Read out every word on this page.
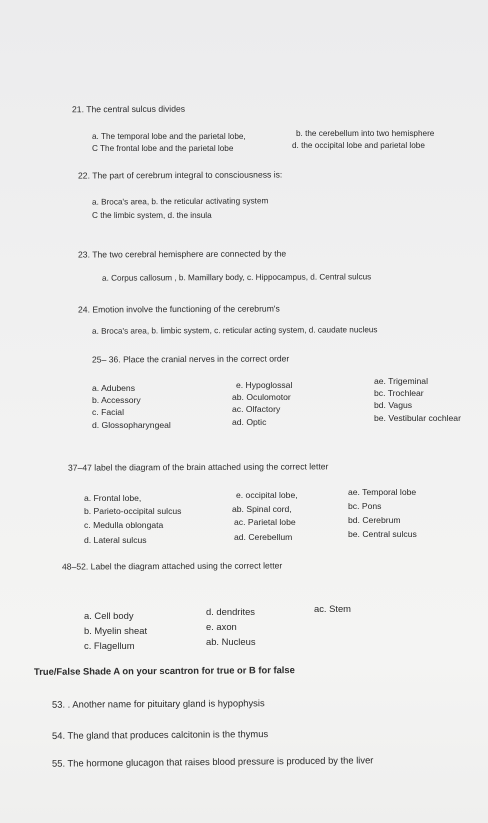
21. The central sulcus divides
a. The temporal lobe and the parietal lobe,	b. the cerebellum into two hemisphere
C The frontal lobe and the parietal lobe	d. the occipital lobe and parietal lobe
22. The part of cerebrum integral to consciousness is:
a. Broca's area, b. the reticular activating system
C the limbic system, d. the insula
23. The two cerebral hemisphere are connected by the
a. Corpus callosum , b. Mamillary body, c. Hippocampus, d. Central sulcus
24. Emotion involve the functioning of the cerebrum's
a. Broca's area, b. limbic system, c. reticular acting system, d. caudate nucleus
25– 36. Place the cranial nerves in the correct order
a. Adubens
b. Accessory
c. Facial
d. Glossopharyngeal
e. Hypoglossal
ab. Oculomotor
ac. Olfactory
ad. Optic
ae. Trigeminal
bc. Trochlear
bd. Vagus
be. Vestibular cochlear
37–47 label the diagram of the brain attached using the correct letter
a. Frontal lobe,
b. Parieto-occipital sulcus
c. Medulla oblongata
d. Lateral sulcus
e. occipital lobe,
ab. Spinal cord,
ac. Parietal lobe
ad. Cerebellum
ae. Temporal lobe
bc. Pons
bd. Cerebrum
be. Central sulcus
48–52. Label the diagram attached using the correct letter
a. Cell body
b. Myelin sheat
c. Flagellum
d. dendrites
e. axon
ab. Nucleus
ac. Stem
True/False Shade A on your scantron for true or B for false
53. . Another name for pituitary gland is hypophysis
54. The gland that produces calcitonin is the thymus
55. The hormone glucagon that raises blood pressure is produced by the liver
